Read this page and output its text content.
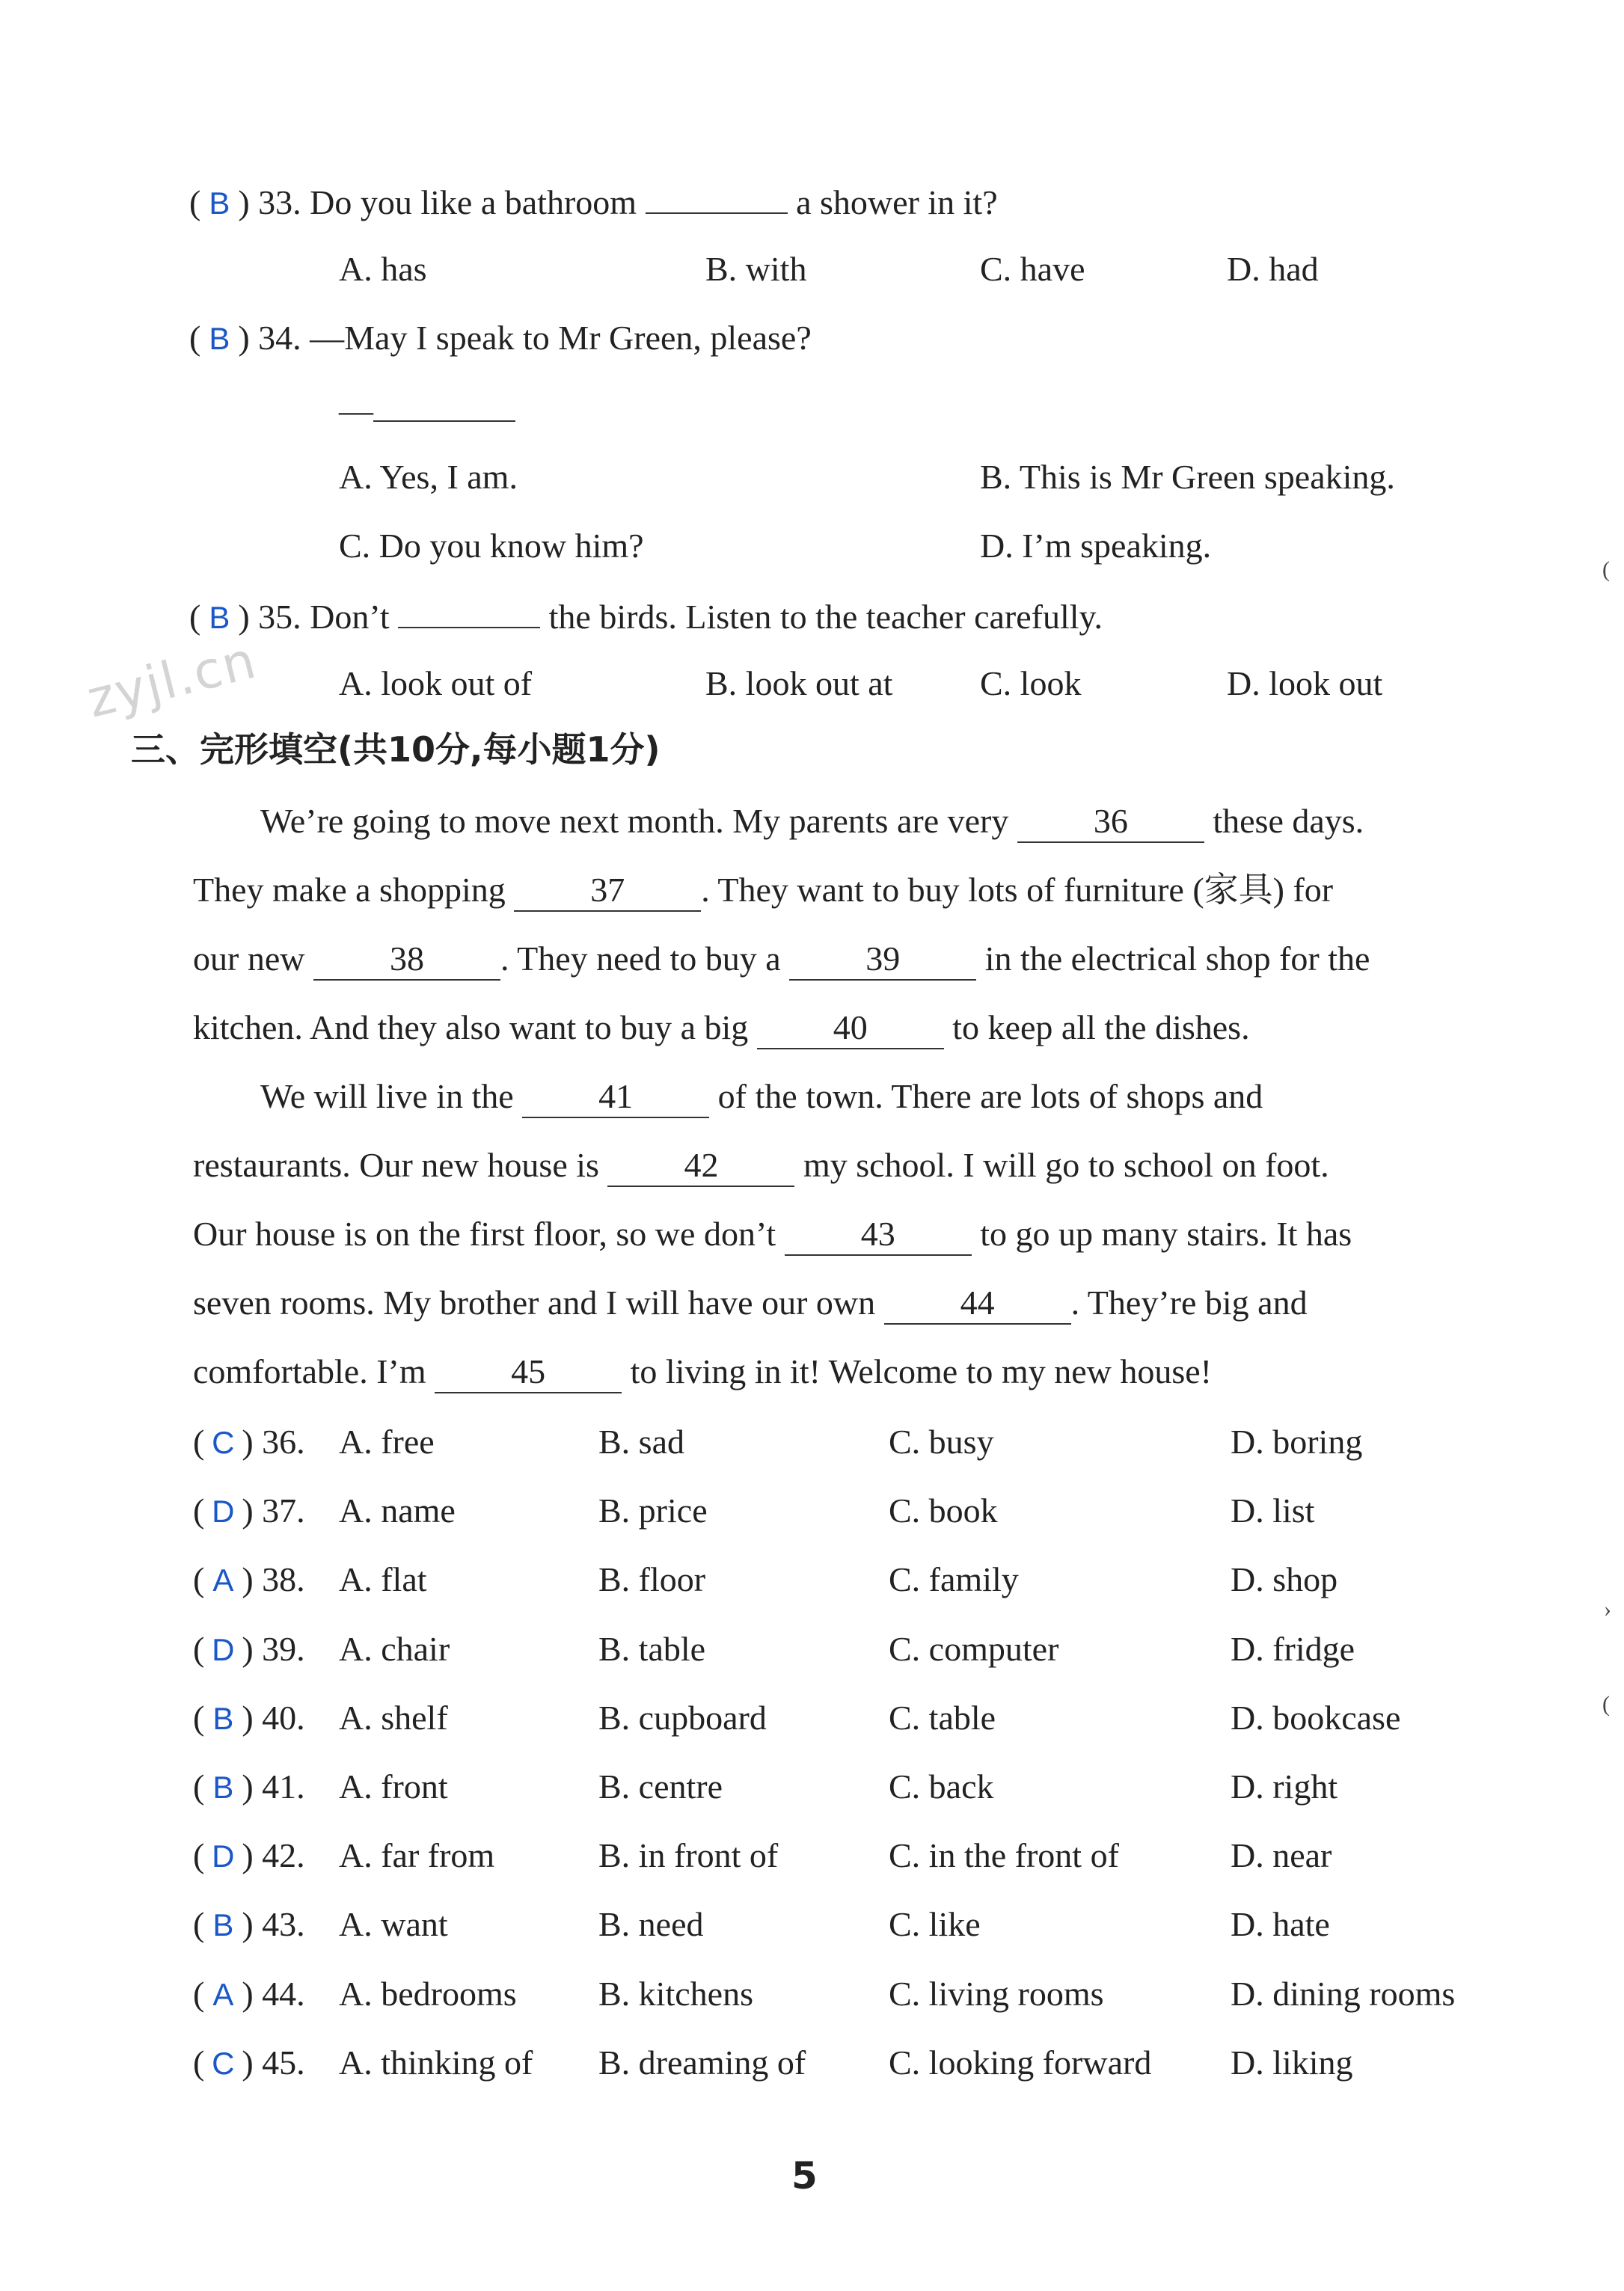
( B ) 33. Do you like a bathroom	a shower in it?
A. has	B. with	C. have	D. had
( B ) 34. —May I speak to Mr Green, please?
—
A. Yes, I am.	B. This is Mr Green speaking.
C. Do you know him?	D. I’m speaking.
( B ) 35. Don’t	the birds. Listen to the teacher carefully.
A. look out of	B. look out at	C. look	D. look out
zyjl.cn
三、完形填空(共10分,每小题1分)
We’re going to move next month. My parents are very 36 these days.
They make a shopping 37 . They want to buy lots of furniture (家具) for
our new 38 . They need to buy a 39 in the electrical shop for the
kitchen. And they also want to buy a big 40 to keep all the dishes.
We will live in the 41 of the town. There are lots of shops and
restaurants. Our new house is 42 my school. I will go to school on foot.
Our house is on the first floor, so we don’t 43 to go up many stairs. It has
seven rooms. My brother and I will have our own 44 . They’re big and
comfortable. I’m 45 to living in it! Welcome to my new house!
( C ) 36. A. free	B. sad	C. busy	D. boring
( D ) 37. A. name	B. price	C. book	D. list
( A ) 38. A. flat	B. floor	C. family	D. shop
( D ) 39. A. chair	B. table	C. computer	D. fridge
( B ) 40. A. shelf	B. cupboard	C. table	D. bookcase
( B ) 41. A. front	B. centre	C. back	D. right
( D ) 42. A. far from	B. in front of	C. in the front of	D. near
( B ) 43. A. want	B. need	C. like	D. hate
( A ) 44. A. bedrooms B. kitchens	C. living rooms	D. dining rooms
( C ) 45. A. thinking of B. dreaming of C. looking forward D. liking
5
(
›
(
